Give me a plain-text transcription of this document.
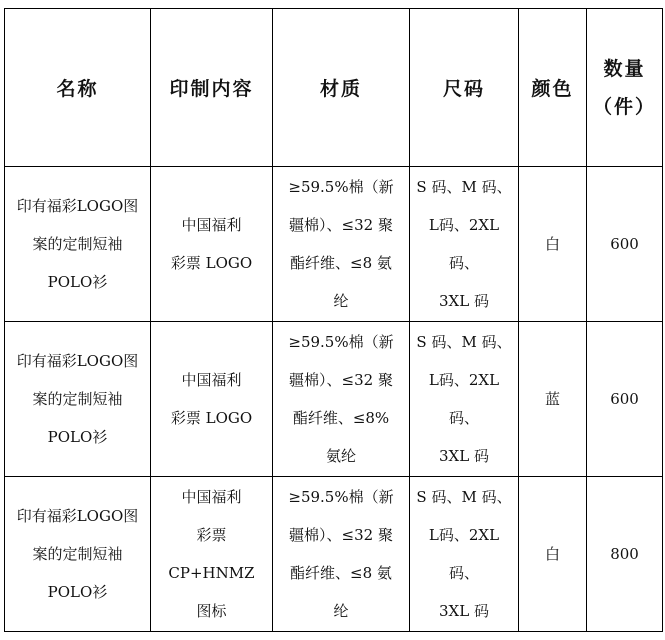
名称	印制内容	材质	尺码	颜色	数量
（件）

印有福彩LOGO图
案的定制短袖
POLO衫	中国福利
彩票 LOGO	≥59.5%棉（新
疆棉）、≤32 聚
酯纤维、≤8 氨
纶	S 码、M 码、
L码、2XL 码、
3XL 码	白	600

印有福彩LOGO图
案的定制短袖
POLO衫	中国福利
彩票 LOGO	≥59.5%棉（新
疆棉）、≤32 聚
酯纤维、≤8%
氨纶	S 码、M 码、
L码、2XL 码、
3XL 码	蓝	600

印有福彩LOGO图
案的定制短袖
POLO衫	中国福利
彩票 CP+HNMZ
图标	≥59.5%棉（新
疆棉）、≤32 聚
酯纤维、≤8 氨
纶	S 码、M 码、
L码、2XL 码、
3XL 码	白	800
